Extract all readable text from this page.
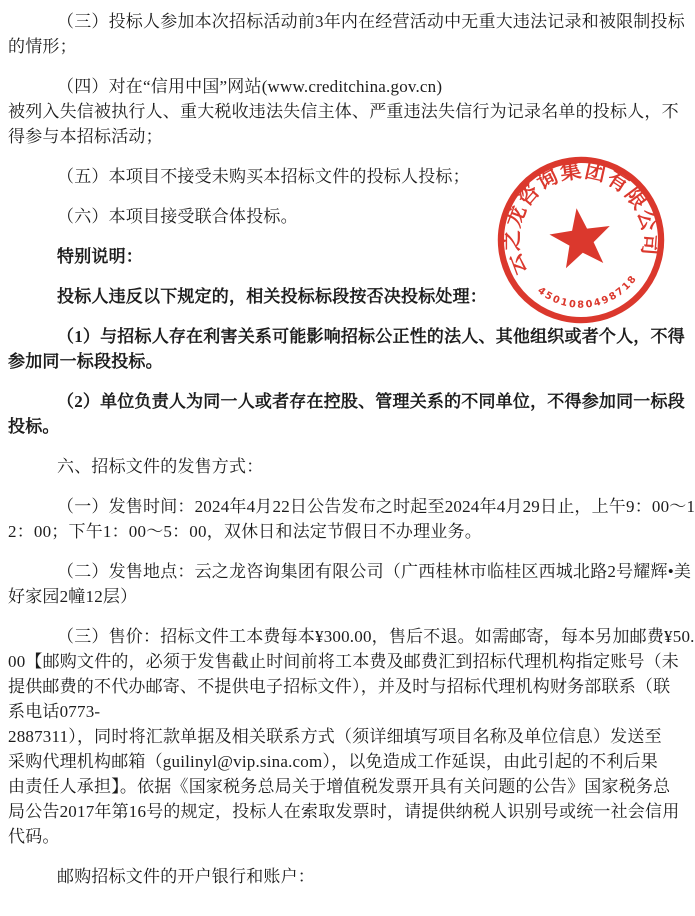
（三）投标人参加本次招标活动前3年内在经营活动中无重大违法记录和被限制投标
的情形；
（四）对在“信用中国”网站(www.creditchina.gov.cn)
被列入失信被执行人、重大税收违法失信主体、严重违法失信行为记录名单的投标人，不
得参与本招标活动；
（五）本项目不接受未购买本招标文件的投标人投标；
（六）本项目接受联合体投标。
特别说明：
投标人违反以下规定的，相关投标标段按否决投标处理：
（1）与招标人存在利害关系可能影响招标公正性的法人、其他组织或者个人，不得
参加同一标段投标。
（2）单位负责人为同一人或者存在控股、管理关系的不同单位，不得参加同一标段
投标。
六、招标文件的发售方式：
（一）发售时间：2024年4月22日公告发布之时起至2024年4月29日止，上午9：00～1
2：00；下午1：00～5：00，双休日和法定节假日不办理业务。
（二）发售地点：云之龙咨询集团有限公司（广西桂林市临桂区西城北路2号耀辉•美
好家园2幢12层）
（三）售价：招标文件工本费每本¥300.00，售后不退。如需邮寄，每本另加邮费¥50.
00【邮购文件的，必须于发售截止时间前将工本费及邮费汇到招标代理机构指定账号（未
提供邮费的不代办邮寄、不提供电子招标文件），并及时与招标代理机构财务部联系（联
系电话0773-
2887311），同时将汇款单据及相关联系方式（须详细填写项目名称及单位信息）发送至
采购代理机构邮箱（guilinyl@vip.sina.com），以免造成工作延误，由此引起的不利后果
由责任人承担】。依据《国家税务总局关于增值税发票开具有关问题的公告》国家税务总
局公告2017年第16号的规定，投标人在索取发票时，请提供纳税人识别号或统一社会信用
代码。
邮购招标文件的开户银行和账户：
云之龙咨询集团有限公司
4501080498718
